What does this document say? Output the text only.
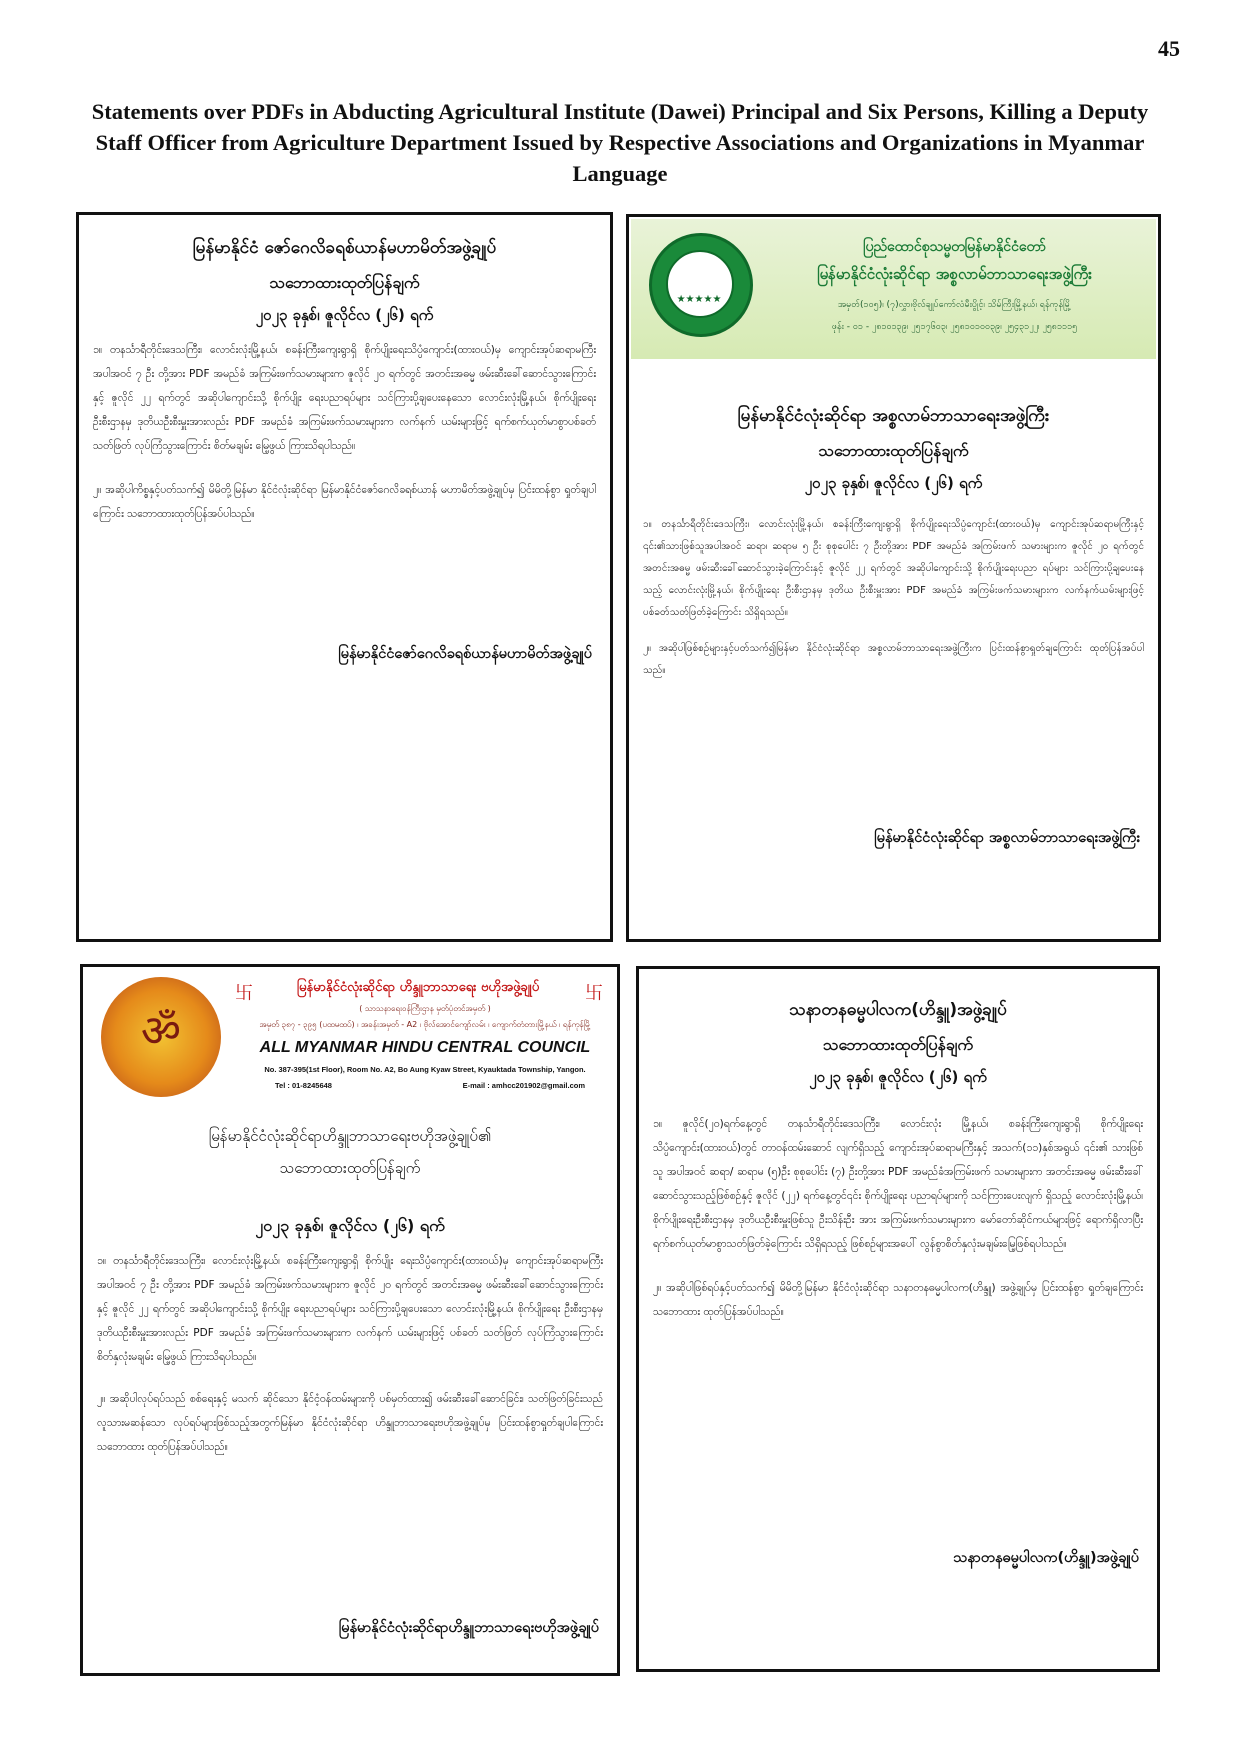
45
Statements over PDFs in Abducting Agricultural Institute (Dawei) Principal and Six Persons, Killing a Deputy Staff Officer from Agriculture Department Issued by Respective Associations and Organizations in Myanmar Language
မြန်မာနိုင်ငံ ဇော်ဂေလိခရစ်ယာန်မဟာမိတ်အဖွဲ့ချုပ်
သဘောထားထုတ်ပြန်ချက်
၂၀၂၃ ခုနှစ်၊ ဇူလိုင်လ (၂၆) ရက်

၁။ တနင်္သာရီတိုင်းဒေသကြီး၊ လောင်းလုံးမြို့နယ်၊ စခန်းကြီးကျေးရွာရှိ စိုက်ပျိုးရေးသိပ္ပံကျောင်း(ထားဝယ်)မှ ကျောင်းအုပ်ဆရာမကြီး အပါအဝင် ၇ ဦး တို့အား PDF အမည်ခံ အကြမ်းဖက်သမားများက ဇူလိုင် ၂၀ ရက်တွင် အတင်းအဓမ္မ ဖမ်းဆီးခေါ်ဆောင်သွားကြောင်းနှင့် ဇူလိုင် ၂၂ ရက်တွင် အဆိုပါကျောင်းသို့ စိုက်ပျိုး ရေးပညာရပ်များ သင်ကြားပို့ချပေးနေသော လောင်းလုံးမြို့နယ်၊ စိုက်ပျိုးရေး ဦးစီးဌာနမှ ဒုတိယဦးစီးမှူးအားလည်း PDF အမည်ခံ အကြမ်းဖက်သမားများက လက်နက် ယမ်းများဖြင့် ရက်စက်ယုတ်မာစွာပစ်ခတ် သတ်ဖြတ် လုပ်ကြံသွားကြောင်း စိတ်မချမ်း မြေ့ဖွယ် ကြားသိရပါသည်။

၂။ အဆိုပါကိစ္စနှင့်ပတ်သက်၍ မိမိတို့မြန်မာ နိုင်ငံလုံးဆိုင်ရာ မြန်မာနိုင်ငံဇော်ဂေလိခရစ်ယာန် မဟာမိတ်အဖွဲ့ချုပ်မှ ပြင်းထန်စွာ ရှုတ်ချပါကြောင်း သဘောထားထုတ်ပြန်အပ်ပါသည်။

မြန်မာနိုင်ငံဇော်ဂေလိခရစ်ယာန်မဟာမိတ်အဖွဲ့ချုပ်
★★★★★
ပြည်ထောင်စုသမ္မတမြန်မာနိုင်ငံတော်
မြန်မာနိုင်ငံလုံးဆိုင်ရာ အစ္စလာမ်ဘာသာရေးအဖွဲ့ကြီး
အမှတ်(၁၀၅)၊ (၇)လွှာ၊ဗိုလ်ချုပ်ကော်လံမီးပွိုင့်၊ သိမ်ကြီးမြို့နယ်၊ ရန်ကုန်မြို့
ဖုန်း - ၀၁ - ၂၈၁၀၁၃၉၊ ၂၅၁၇၆၀၃၊ ၂၅၈၁၀၁၀၀၃၉၊ ၂၅၄၃၁၂၂၊ ၂၅၈၁၁၁၅
မြန်မာနိုင်ငံလုံးဆိုင်ရာ အစ္စလာမ်ဘာသာရေးအဖွဲ့ကြီး
သဘောထားထုတ်ပြန်ချက်
၂၀၂၃ ခုနှစ်၊ ဇူလိုင်လ (၂၆) ရက်

၁။ တနင်္သာရီတိုင်းဒေသကြီး၊ လောင်းလုံးမြို့နယ်၊ စခန်းကြီးကျေးရွာရှိ စိုက်ပျိုးရေးသိပ္ပံကျောင်း(ထားဝယ်)မှ ကျောင်းအုပ်ဆရာမကြီးနှင့် ၎င်း၏သားဖြစ်သူအပါအဝင် ဆရာ၊ ဆရာမ ၅ ဦး စုစုပေါင်း ၇ ဦးတို့အား PDF အမည်ခံ အကြမ်းဖက် သမားများက ဇူလိုင် ၂၀ ရက်တွင် အတင်းအဓမ္မ ဖမ်းဆီးခေါ်ဆောင်သွားခဲ့ကြောင်းနှင့် ဇူလိုင် ၂၂ ရက်တွင် အဆိုပါကျောင်းသို့ စိုက်ပျိုးရေးပညာ ရပ်များ သင်ကြားပို့ချပေးနေသည့် လောင်းလုံးမြို့နယ်၊ စိုက်ပျိုးရေး ဦးစီးဌာနမှ ဒုတိယ ဦးစီးမှူးအား PDF အမည်ခံ အကြမ်းဖက်သမားများက လက်နက်ယမ်းများဖြင့် ပစ်ခတ်သတ်ဖြတ်ခဲ့ကြောင်း သိရှိရသည်။

၂။ အဆိုပါဖြစ်စဉ်များနှင့်ပတ်သက်၍မြန်မာ နိုင်ငံလုံးဆိုင်ရာ အစ္စလာမ်ဘာသာရေးအဖွဲ့ကြီးက ပြင်းထန်စွာရှုတ်ချကြောင်း ထုတ်ပြန်အပ်ပါ သည်။

မြန်မာနိုင်ငံလုံးဆိုင်ရာ အစ္စလာမ်ဘာသာရေးအဖွဲ့ကြီး
ॐ
卐	卐
မြန်မာနိုင်ငံလုံးဆိုင်ရာ ဟိန္ဒူဘာသာရေး ဗဟိုအဖွဲ့ချုပ်
( သာသနာရေးဝန်ကြီးဌာန မှတ်ပုံတင်အမှတ် )
အမှတ် ၃၈၇ - ၃၉၅ (ပထမထပ်) ၊ အခန်းအမှတ် - A2 ၊ ဗိုလ်အောင်ကျော်လမ်း ၊ ကျောက်တံတားမြို့နယ် ၊ ရန်ကုန်မြို့
ALL MYANMAR HINDU CENTRAL COUNCIL
No. 387-395(1st Floor), Room No. A2, Bo Aung Kyaw Street, Kyauktada Township, Yangon.
Tel : 01-8245648	E-mail : amhcc201902@gmail.com
မြန်မာနိုင်ငံလုံးဆိုင်ရာဟိန္ဒူဘာသာရေးဗဟိုအဖွဲ့ချုပ်၏
သဘောထားထုတ်ပြန်ချက်
၂၀၂၃ ခုနှစ်၊ ဇူလိုင်လ (၂၆) ရက်

၁။ တနင်္သာရီတိုင်းဒေသကြီး၊ လောင်းလုံးမြို့နယ်၊ စခန်းကြီးကျေးရွာရှိ စိုက်ပျိုး ရေးသိပ္ပံကျောင်း(ထားဝယ်)မှ ကျောင်းအုပ်ဆရာမကြီး အပါအဝင် ၇ ဦး တို့အား PDF အမည်ခံ အကြမ်းဖက်သမားများက ဇူလိုင် ၂၀ ရက်တွင် အတင်းအဓမ္မ ဖမ်းဆီးခေါ်ဆောင်သွားကြောင်းနှင့် ဇူလိုင် ၂၂ ရက်တွင် အဆိုပါကျောင်းသို့ စိုက်ပျိုး ရေးပညာရပ်များ သင်ကြားပို့ချပေးသော လောင်းလုံးမြို့နယ်၊ စိုက်ပျိုးရေး ဦးစီးဌာနမှ ဒုတိယဦးစီးမှူးအားလည်း PDF အမည်ခံ အကြမ်းဖက်သမားများက လက်နက် ယမ်းများဖြင့် ပစ်ခတ် သတ်ဖြတ် လုပ်ကြံသွားကြောင်း စိတ်နှလုံးမချမ်း မြေ့ဖွယ် ကြားသိရပါသည်။

၂။ အဆိုပါလုပ်ရပ်သည် စစ်ရေးနှင့် မသက် ဆိုင်သော နိုင်ငံ့ဝန်ထမ်းများကို ပစ်မှတ်ထား၍ ဖမ်းဆီးခေါ်ဆောင်ခြင်း၊ သတ်ဖြတ်ခြင်းသည် လူသားမဆန်သော လုပ်ရပ်များဖြစ်သည့်အတွက်မြန်မာ နိုင်ငံလုံးဆိုင်ရာ ဟိန္ဒူဘာသာရေးဗဟိုအဖွဲ့ချုပ်မှ ပြင်းထန်စွာရှုတ်ချပါကြောင်း သဘောထား ထုတ်ပြန်အပ်ပါသည်။

မြန်မာနိုင်ငံလုံးဆိုင်ရာဟိန္ဒူဘာသာရေးဗဟိုအဖွဲ့ချုပ်
သနာတနဓမ္မပါလက(ဟိန္ဒူ)အဖွဲ့ချုပ်
သဘောထားထုတ်ပြန်ချက်
၂၀၂၃ ခုနှစ်၊ ဇူလိုင်လ (၂၆) ရက်

၁။ ဇူလိုင်(၂၀)ရက်နေ့တွင် တနင်္သာရီတိုင်းဒေသကြီး၊ လောင်းလုံး မြို့နယ်၊ စခန်းကြီးကျေးရွာရှိ စိုက်ပျိုးရေးသိပ္ပံကျောင်း(ထားဝယ်)တွင် တာဝန်ထမ်းဆောင် လျက်ရှိသည့် ကျောင်းအုပ်ဆရာမကြီးနှင့် အသက်(၁၁)နှစ်အရွယ် ၎င်း၏ သားဖြစ်သူ အပါအဝင် ဆရာ/ ဆရာမ (၅)ဦး စုစုပေါင်း (၇) ဦးတို့အား PDF အမည်ခံအကြမ်းဖက် သမားများက အတင်းအဓမ္မ ဖမ်းဆီးခေါ်ဆောင်သွားသည့်ဖြစ်စဉ်နှင့် ဇူလိုင် (၂၂) ရက်နေ့တွင်၎င်း စိုက်ပျိုးရေး ပညာရပ်များကို သင်ကြားပေးလျက် ရှိသည့် လောင်းလုံးမြို့နယ်၊ စိုက်ပျိုးရေးဦးစီးဌာနမှ ဒုတိယဦးစီးမှူးဖြစ်သူ ဦးသိန်းဦး အား အကြမ်းဖက်သမားများက မော်တော်ဆိုင်ကယ်များဖြင့် ရောက်ရှိလာပြီး ရက်စက်ယုတ်မာစွာသတ်ဖြတ်ခဲ့ကြောင်း သိရှိရသည့် ဖြစ်စဉ်များအပေါ် လွန်စွာစိတ်နှလုံးမချမ်းမြေ့ဖြစ်ရပါသည်။

၂။ အဆိုပါဖြစ်ရပ်နှင့်ပတ်သက်၍ မိမိတို့မြန်မာ နိုင်ငံလုံးဆိုင်ရာ သနာတနဓမ္မပါလက(ဟိန္ဒူ) အဖွဲ့ချုပ်မှ ပြင်းထန်စွာ ရှုတ်ချကြောင်း သဘောထား ထုတ်ပြန်အပ်ပါသည်။

သနာတနဓမ္မပါလက(ဟိန္ဒူ)အဖွဲ့ချုပ်
